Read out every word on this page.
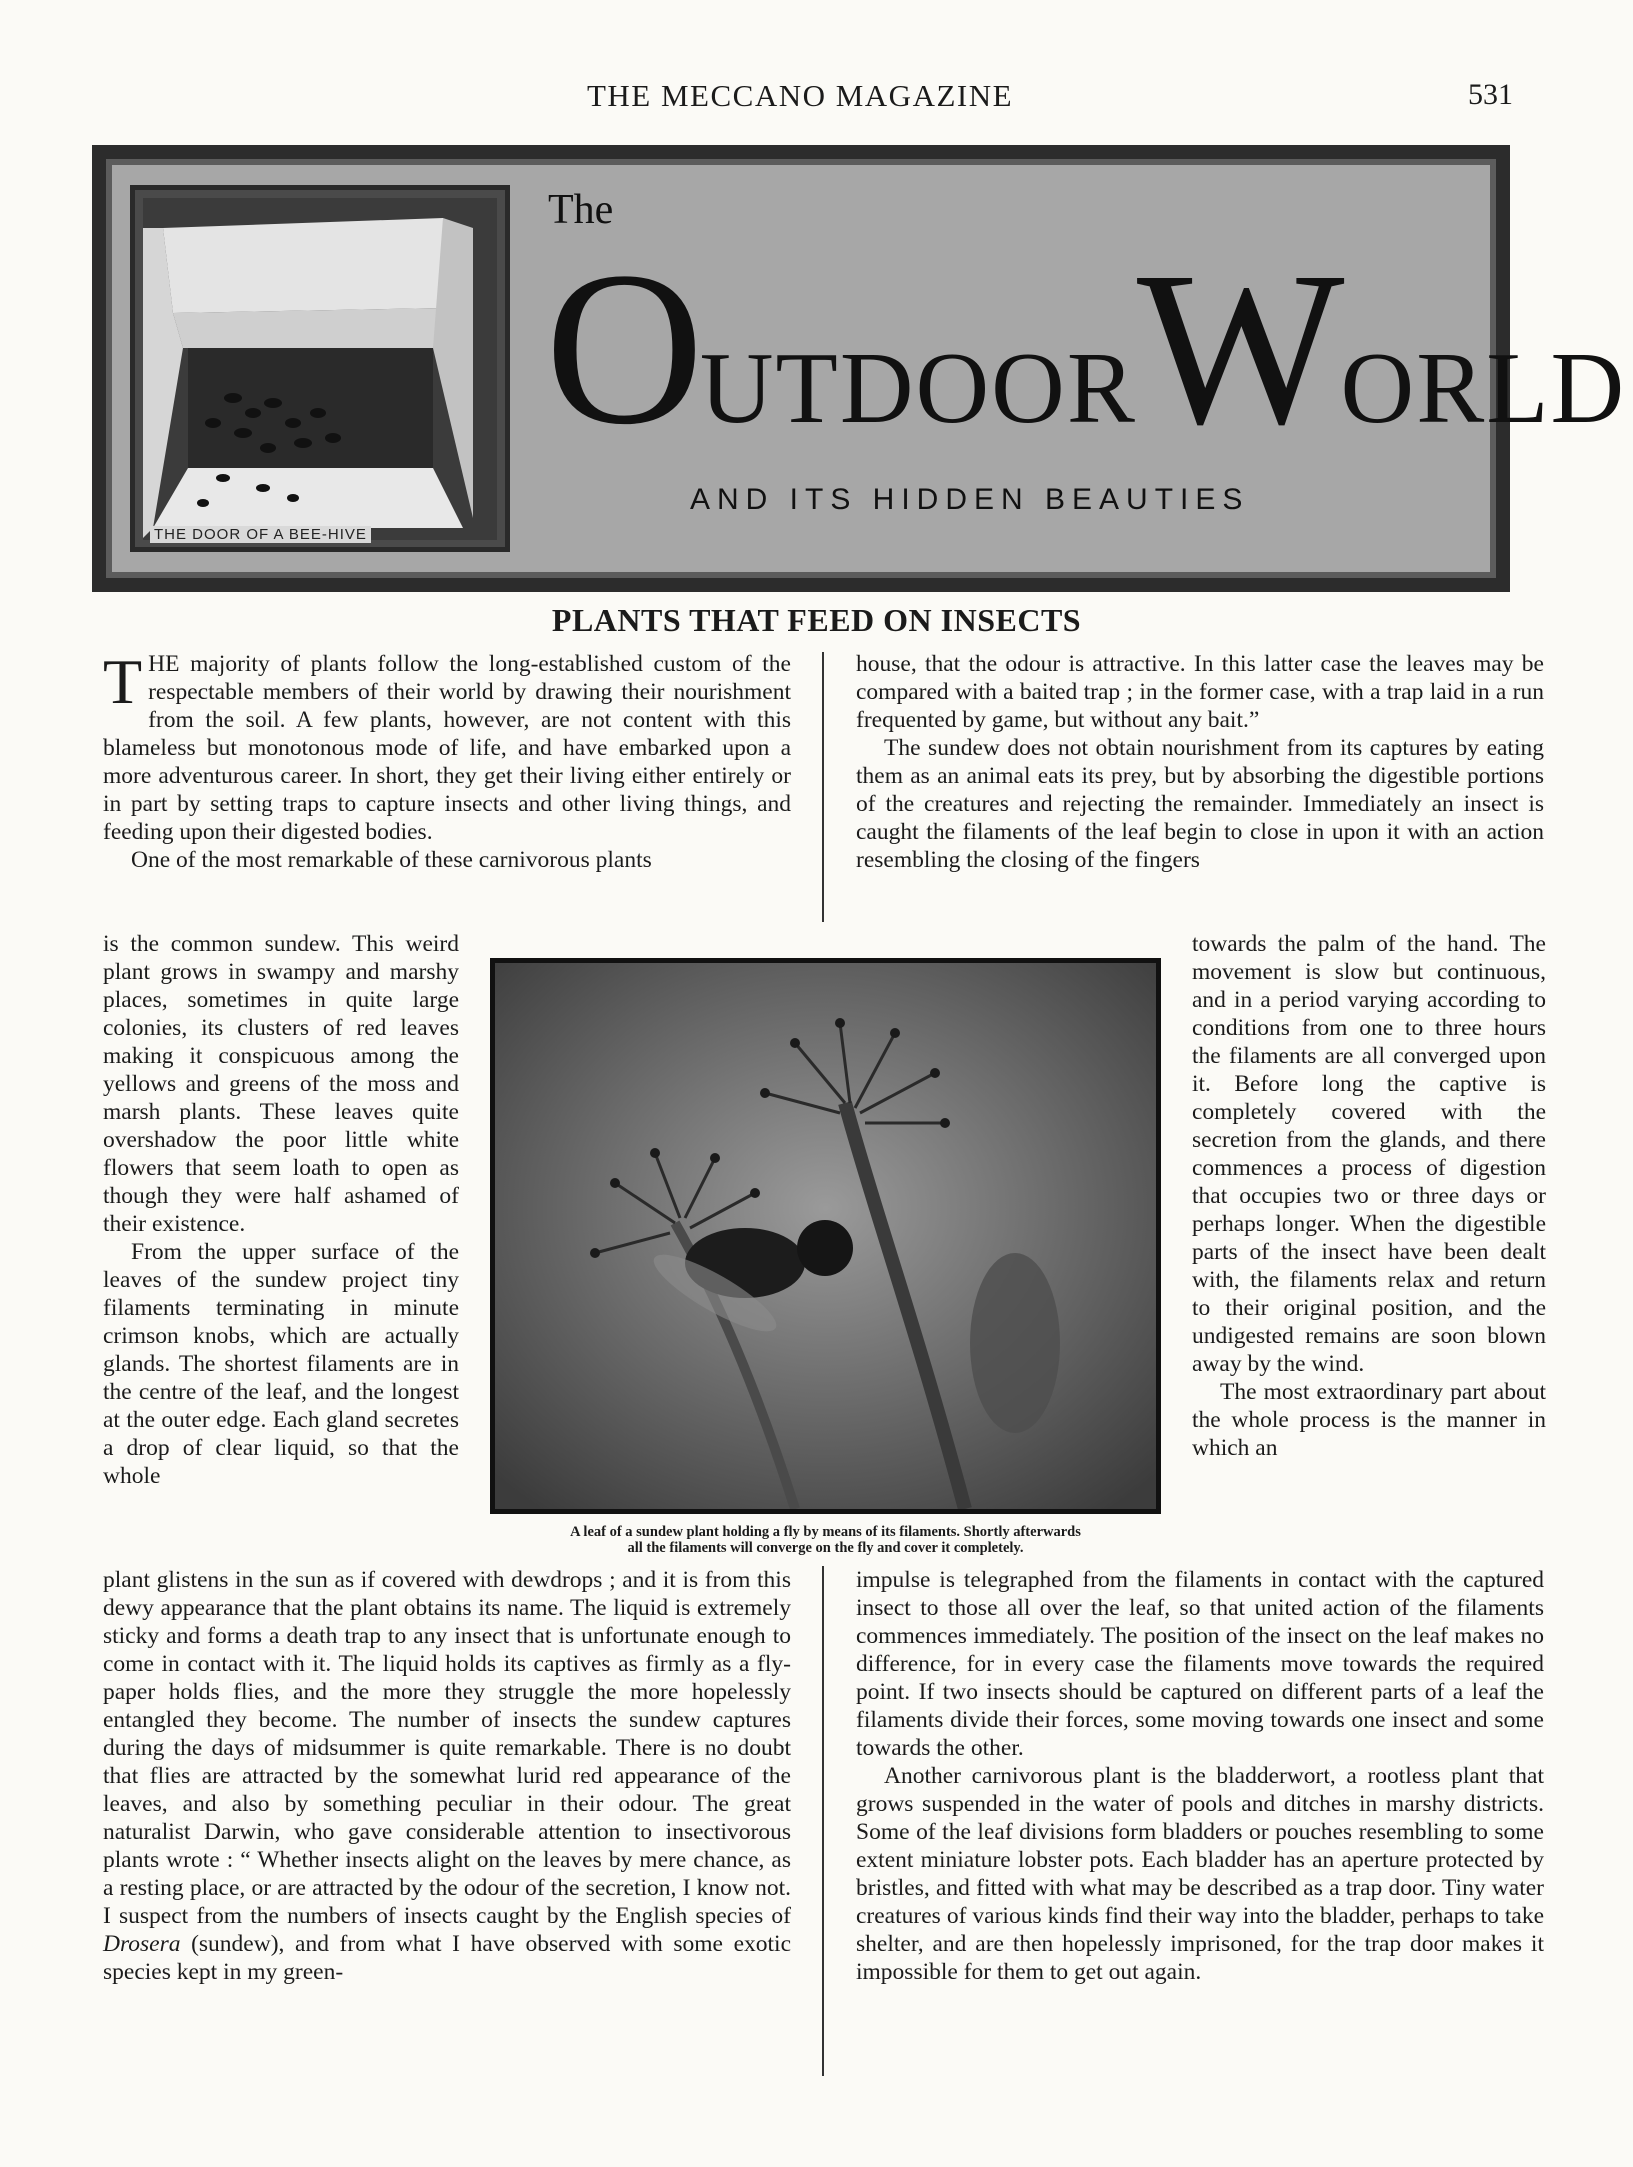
THE MECCANO MAGAZINE	531
THE DOOR OF A BEE-HIVE
The
OUTDOORWORLD
AND ITS HIDDEN BEAUTIES
PLANTS THAT FEED ON INSECTS

THE majority of plants follow the long-established custom of the respectable members of their world by drawing their nourishment from the soil. A few plants, however, are not content with this blameless but monotonous mode of life, and have embarked upon a more adventurous career. In short, they get their living either entirely or in part by setting traps to capture insects and other living things, and feeding upon their digested bodies.

One of the most remarkable of these carnivorous plants

is the common sundew. This weird plant grows in swampy and marshy places, sometimes in quite large colonies, its clusters of red leaves making it conspicuous among the yellows and greens of the moss and marsh plants. These leaves quite overshadow the poor little white flowers that seem loath to open as though they were half ashamed of their existence.

From the upper surface of the leaves of the sundew project tiny filaments terminating in minute crimson knobs, which are actually glands. The shortest filaments are in the centre of the leaf, and the longest at the outer edge. Each gland secretes a drop of clear liquid, so that the whole

plant glistens in the sun as if covered with dewdrops ; and it is from this dewy appearance that the plant obtains its name. The liquid is extremely sticky and forms a death trap to any insect that is unfortunate enough to come in contact with it. The liquid holds its captives as firmly as a fly-paper holds flies, and the more they struggle the more hopelessly entangled they become. The number of insects the sundew captures during the days of midsummer is quite remarkable. There is no doubt that flies are attracted by the somewhat lurid red appearance of the leaves, and also by something peculiar in their odour. The great naturalist Darwin, who gave considerable attention to insectivorous plants wrote : “ Whether insects alight on the leaves by mere chance, as a resting place, or are attracted by the odour of the secretion, I know not. I suspect from the numbers of insects caught by the English species of Drosera (sundew), and from what I have observed with some exotic species kept in my green-

house, that the odour is attractive. In this latter case the leaves may be compared with a baited trap ; in the former case, with a trap laid in a run frequented by game, but without any bait.”

The sundew does not obtain nourishment from its captures by eating them as an animal eats its prey, but by absorbing the digestible portions of the creatures and rejecting the remainder. Immediately an insect is caught the filaments of the leaf begin to close in upon it with an action resembling the closing of the fingers

towards the palm of the hand. The movement is slow but continuous, and in a period varying according to conditions from one to three hours the filaments are all converged upon it. Before long the captive is completely covered with the secretion from the glands, and there commences a process of digestion that occupies two or three days or perhaps longer. When the digestible parts of the insect have been dealt with, the filaments relax and return to their original position, and the undigested remains are soon blown away by the wind.

The most extraordinary part about the whole process is the manner in which an

impulse is telegraphed from the filaments in contact with the captured insect to those all over the leaf, so that united action of the filaments commences immediately. The position of the insect on the leaf makes no difference, for in every case the filaments move towards the required point. If two insects should be captured on different parts of a leaf the filaments divide their forces, some moving towards one insect and some towards the other.

Another carnivorous plant is the bladderwort, a rootless plant that grows suspended in the water of pools and ditches in marshy districts. Some of the leaf divisions form bladders or pouches resembling to some extent miniature lobster pots. Each bladder has an aperture protected by bristles, and fitted with what may be described as a trap door. Tiny water creatures of various kinds find their way into the bladder, perhaps to take shelter, and are then hopelessly imprisoned, for the trap door makes it impossible for them to get out again.

A leaf of a sundew plant holding a fly by means of its filaments. Shortly afterwards
all the filaments will converge on the fly and cover it completely.
